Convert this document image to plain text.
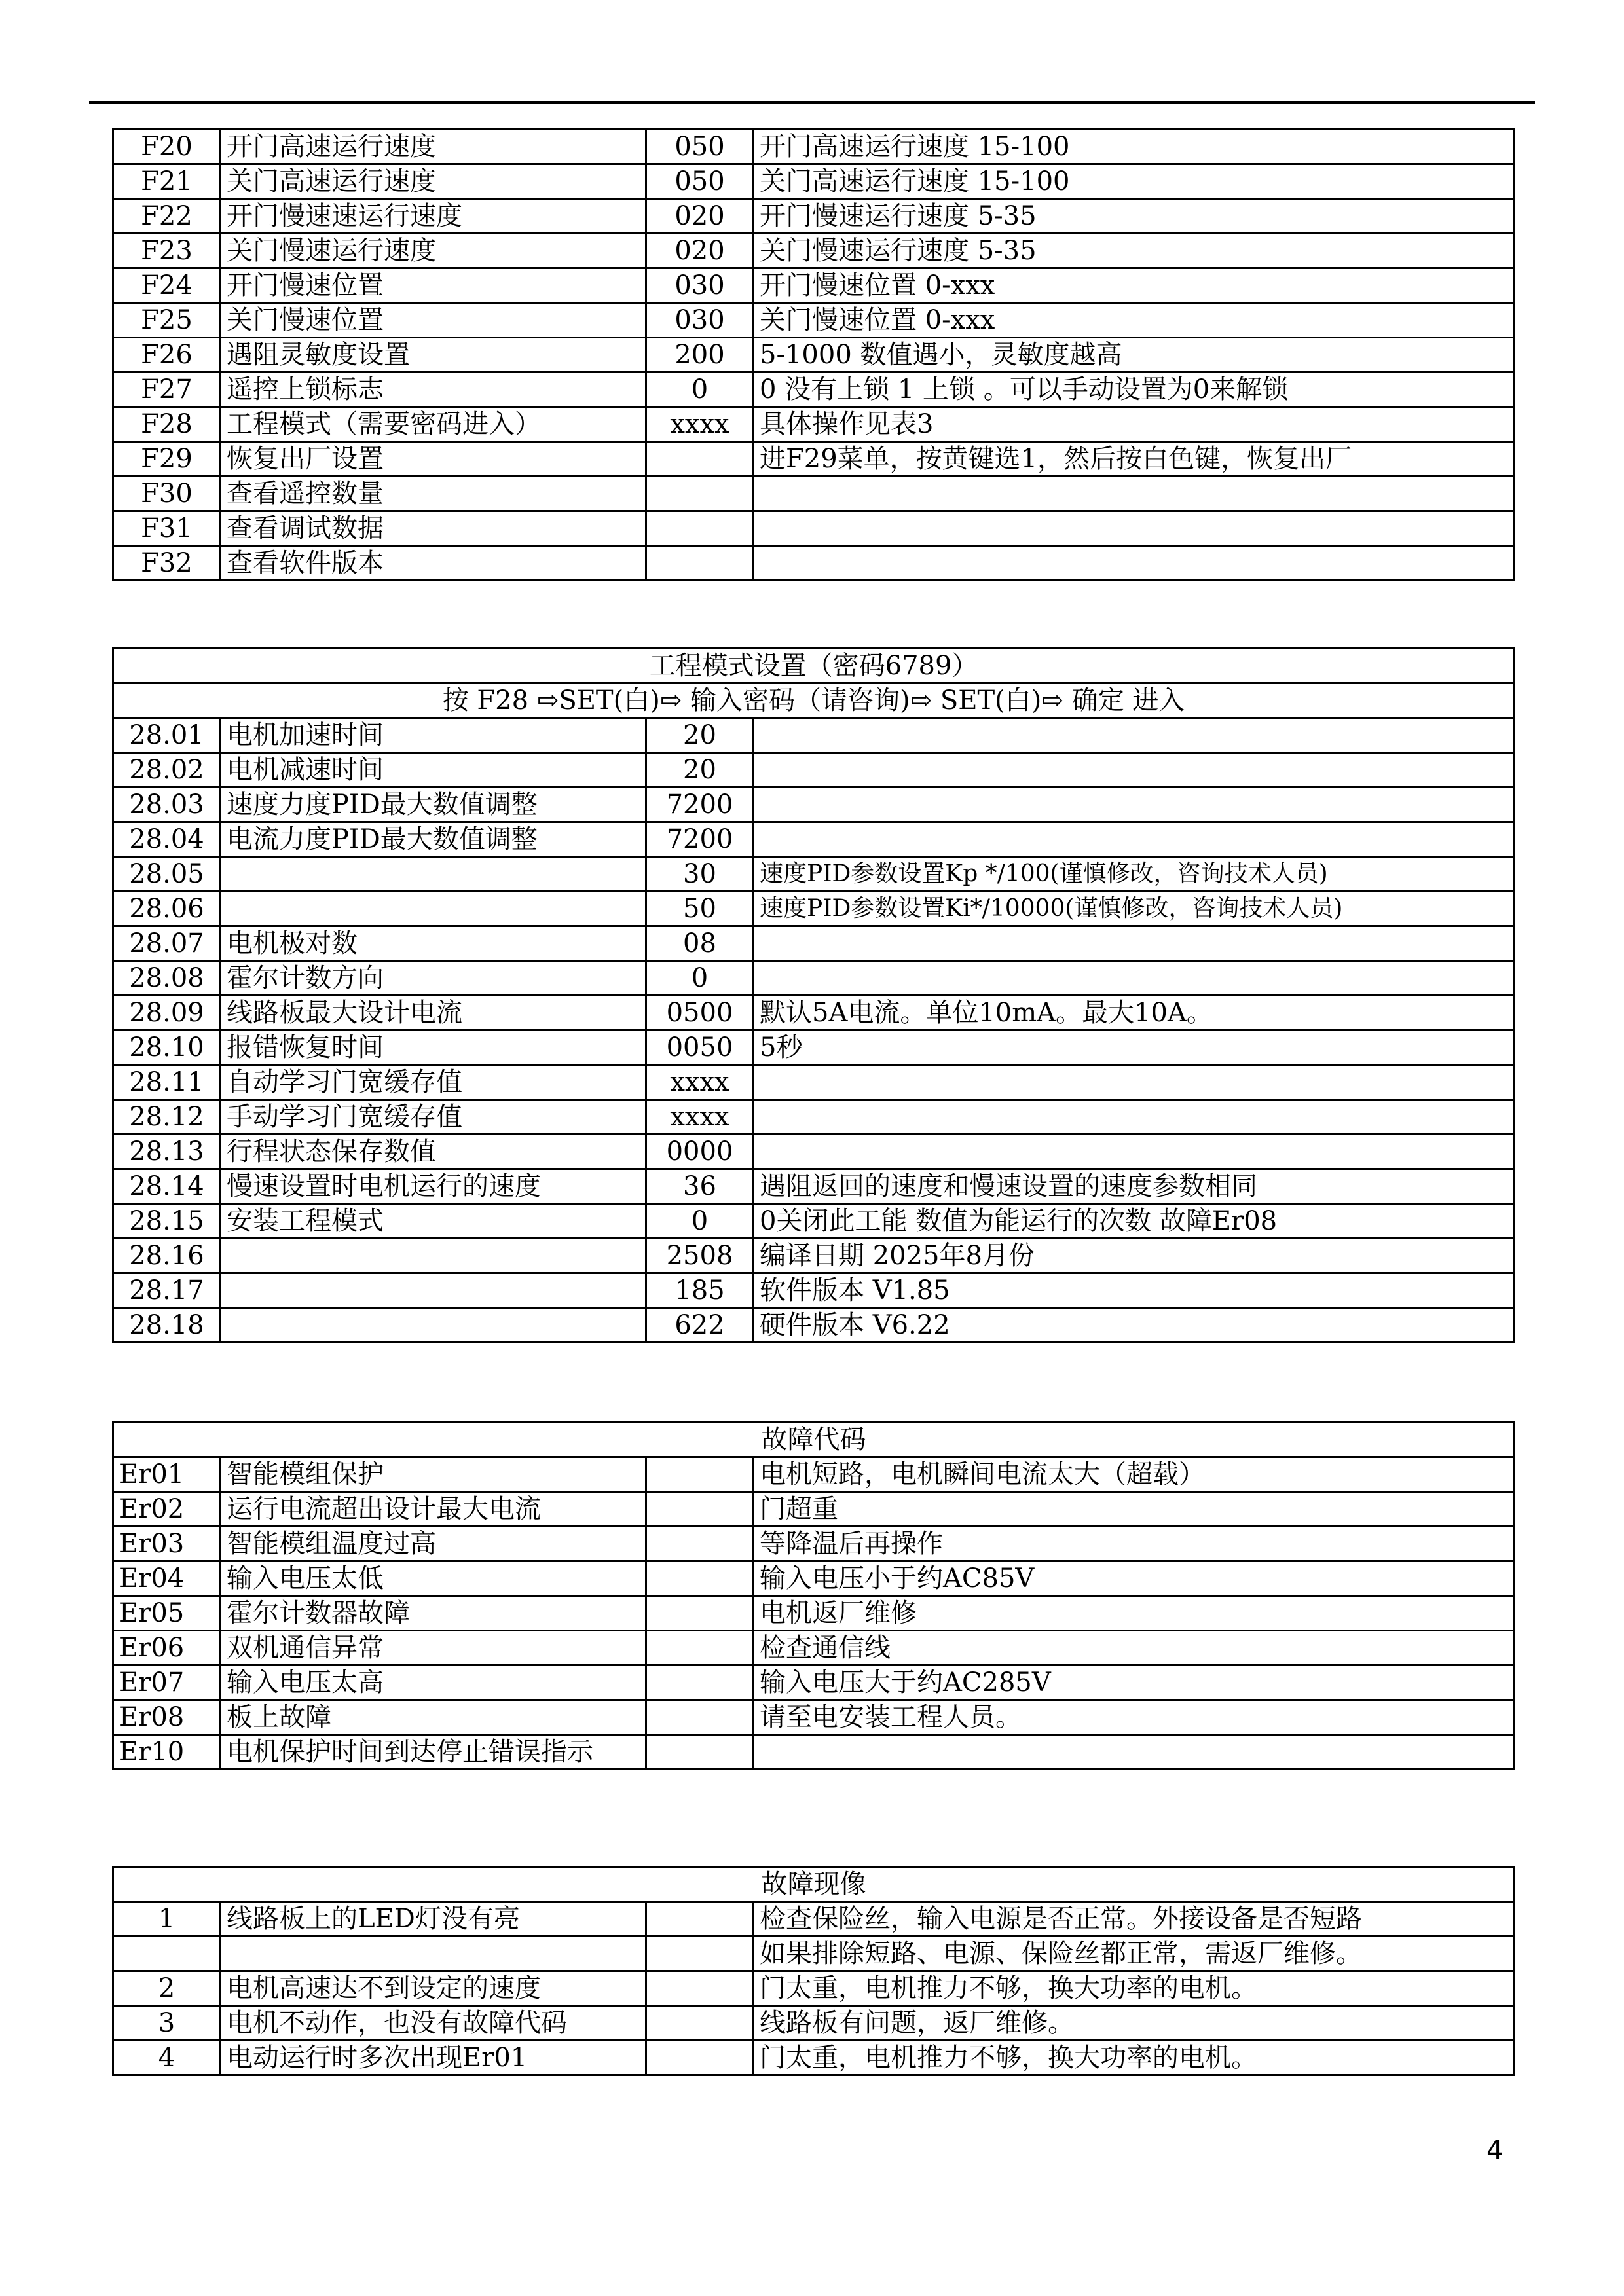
F20	开门高速运行速度	050	开门高速运行速度 15-100
F21	关门高速运行速度	050	关门高速运行速度 15-100
F22	开门慢速速运行速度	020	开门慢速运行速度 5-35
F23	关门慢速运行速度	020	关门慢速运行速度 5-35
F24	开门慢速位置	030	开门慢速位置 0-xxx
F25	关门慢速位置	030	关门慢速位置 0-xxx
F26	遇阻灵敏度设置	200	5-1000 数值遇小，灵敏度越高
F27	遥控上锁标志	0	0 没有上锁 1 上锁 。可以手动设置为0来解锁
F28	工程模式（需要密码进入）	xxxx	具体操作见表3
F29	恢复出厂设置		进F29菜单，按黄键选1，然后按白色键，恢复出厂
F30	查看遥控数量		
F31	查看调试数据		
F32	查看软件版本		
工程模式设置（密码6789）			
按 F28 ⇨SET(白)⇨ 输入密码（请咨询)⇨ SET(白)⇨ 确定 进入			
28.01	电机加速时间	20	
28.02	电机减速时间	20	
28.03	速度力度PID最大数值调整	7200	
28.04	电流力度PID最大数值调整	7200	
28.05		30	速度PID参数设置Kp */100(谨慎修改，咨询技术人员)
28.06		50	速度PID参数设置Ki*/10000(谨慎修改，咨询技术人员)
28.07	电机极对数	08	
28.08	霍尔计数方向	0	
28.09	线路板最大设计电流	0500	默认5A电流。单位10mA。最大10A。
28.10	报错恢复时间	0050	5秒
28.11	自动学习门宽缓存值	xxxx	
28.12	手动学习门宽缓存值	xxxx	
28.13	行程状态保存数值	0000	
28.14	慢速设置时电机运行的速度	36	遇阻返回的速度和慢速设置的速度参数相同
28.15	安装工程模式	0	0关闭此工能 数值为能运行的次数 故障Er08
28.16		2508	编译日期 2025年8月份
28.17		185	软件版本 V1.85
28.18		622	硬件版本 V6.22
故障代码			
Er01	智能模组保护		电机短路，电机瞬间电流太大（超载）
Er02	运行电流超出设计最大电流		门超重
Er03	智能模组温度过高		等降温后再操作
Er04	输入电压太低		输入电压小于约AC85V
Er05	霍尔计数器故障		电机返厂维修
Er06	双机通信异常		检查通信线
Er07	输入电压太高		输入电压大于约AC285V
Er08	板上故障		请至电安装工程人员。
Er10	电机保护时间到达停止错误指示		
故障现像			
1	线路板上的LED灯没有亮		检查保险丝，输入电源是否正常。外接设备是否短路
			如果排除短路、电源、保险丝都正常，需返厂维修。
2	电机高速达不到设定的速度		门太重，电机推力不够，换大功率的电机。
3	电机不动作，也没有故障代码		线路板有问题，返厂维修。
4	电动运行时多次出现Er01		门太重，电机推力不够，换大功率的电机。
4
